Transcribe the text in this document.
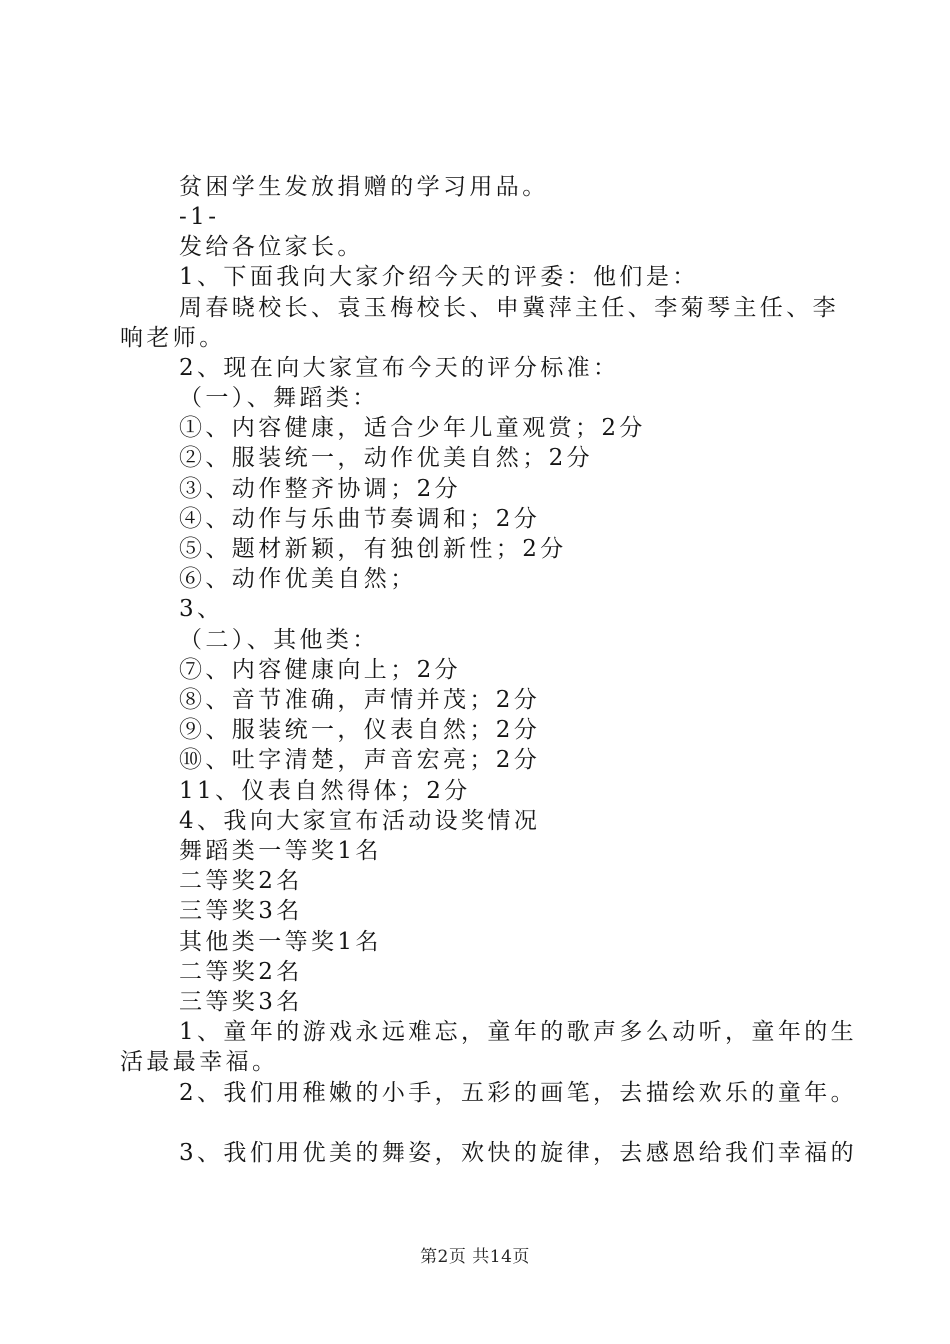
贫困学生发放捐赠的学习用品。
-1-
发给各位家长。
1、下面我向大家介绍今天的评委：他们是：
周春晓校长、袁玉梅校长、申冀萍主任、李菊琴主任、李
响老师。
2、现在向大家宣布今天的评分标准：
（一）、舞蹈类：
①、内容健康，适合少年儿童观赏；2分
②、服装统一，动作优美自然；2分
③、动作整齐协调；2分
④、动作与乐曲节奏调和；2分
⑤、题材新颖，有独创新性；2分
⑥、动作优美自然；
3、
（二）、其他类：
⑦、内容健康向上；2分
⑧、音节准确，声情并茂；2分
⑨、服装统一，仪表自然；2分
⑩、吐字清楚，声音宏亮；2分
11、仪表自然得体；2分
4、我向大家宣布活动设奖情况
舞蹈类一等奖1名
二等奖2名
三等奖3名
其他类一等奖1名
二等奖2名
三等奖3名
1、童年的游戏永远难忘，童年的歌声多么动听，童年的生
活最最幸福。
2、我们用稚嫩的小手，五彩的画笔，去描绘欢乐的童年。
3、我们用优美的舞姿，欢快的旋律，去感恩给我们幸福的
第2页 共14页
